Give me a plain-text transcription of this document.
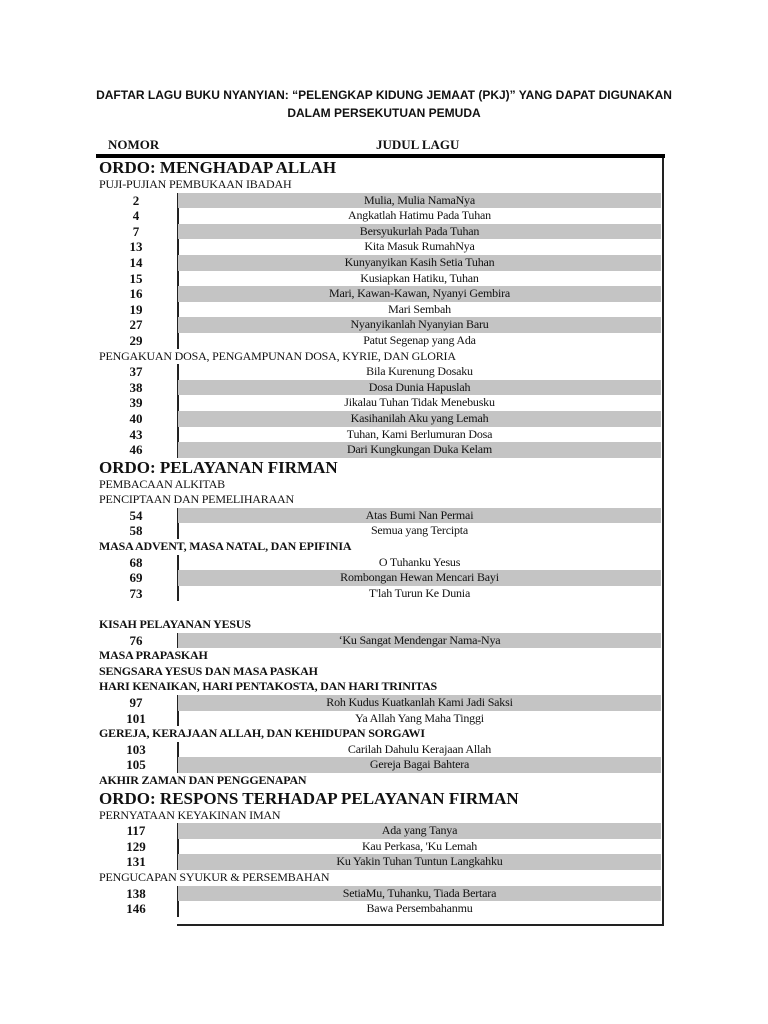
DAFTAR LAGU BUKU NYANYIAN: “PELENGKAP KIDUNG JEMAAT (PKJ)” YANG DAPAT DIGUNAKAN
DALAM PERSEKUTUAN PEMUDA
NOMOR	JUDUL LAGU
ORDO: MENGHADAP ALLAH
PUJI-PUJIAN PEMBUKAAN IBADAH
2	Mulia, Mulia NamaNya
4	Angkatlah Hatimu Pada Tuhan
7	Bersyukurlah Pada Tuhan
13	Kita Masuk RumahNya
14	Kunyanyikan Kasih Setia Tuhan
15	Kusiapkan Hatiku, Tuhan
16	Mari, Kawan-Kawan, Nyanyi Gembira
19	Mari Sembah
27	Nyanyikanlah Nyanyian Baru
29	Patut Segenap yang Ada
PENGAKUAN DOSA, PENGAMPUNAN DOSA, KYRIE, DAN GLORIA
37	Bila Kurenung Dosaku
38	Dosa Dunia Hapuslah
39	Jikalau Tuhan Tidak Menebusku
40	Kasihanilah Aku yang Lemah
43	Tuhan, Kami Berlumuran Dosa
46	Dari Kungkungan Duka Kelam
ORDO: PELAYANAN FIRMAN
PEMBACAAN ALKITAB
PENCIPTAAN DAN PEMELIHARAAN
54	Atas Bumi Nan Permai
58	Semua yang Tercipta
MASA ADVENT, MASA NATAL, DAN EPIFINIA
68	O Tuhanku Yesus
69	Rombongan Hewan Mencari Bayi
73	T'lah Turun Ke Dunia
KISAH PELAYANAN YESUS
76	‘Ku Sangat Mendengar Nama-Nya
MASA PRAPASKAH
SENGSARA YESUS DAN MASA PASKAH
HARI KENAIKAN, HARI PENTAKOSTA, DAN HARI TRINITAS
97	Roh Kudus Kuatkanlah Kami Jadi Saksi
101	Ya Allah Yang Maha Tinggi
GEREJA, KERAJAAN ALLAH, DAN KEHIDUPAN SORGAWI
103	Carilah Dahulu Kerajaan Allah
105	Gereja Bagai Bahtera
AKHIR ZAMAN DAN PENGGENAPAN
ORDO: RESPONS TERHADAP PELAYANAN FIRMAN
PERNYATAAN KEYAKINAN IMAN
117	Ada yang Tanya
129	Kau Perkasa, 'Ku Lemah
131	Ku Yakin Tuhan Tuntun Langkahku
PENGUCAPAN SYUKUR & PERSEMBAHAN
138	SetiaMu, Tuhanku, Tiada Bertara
146	Bawa Persembahanmu
